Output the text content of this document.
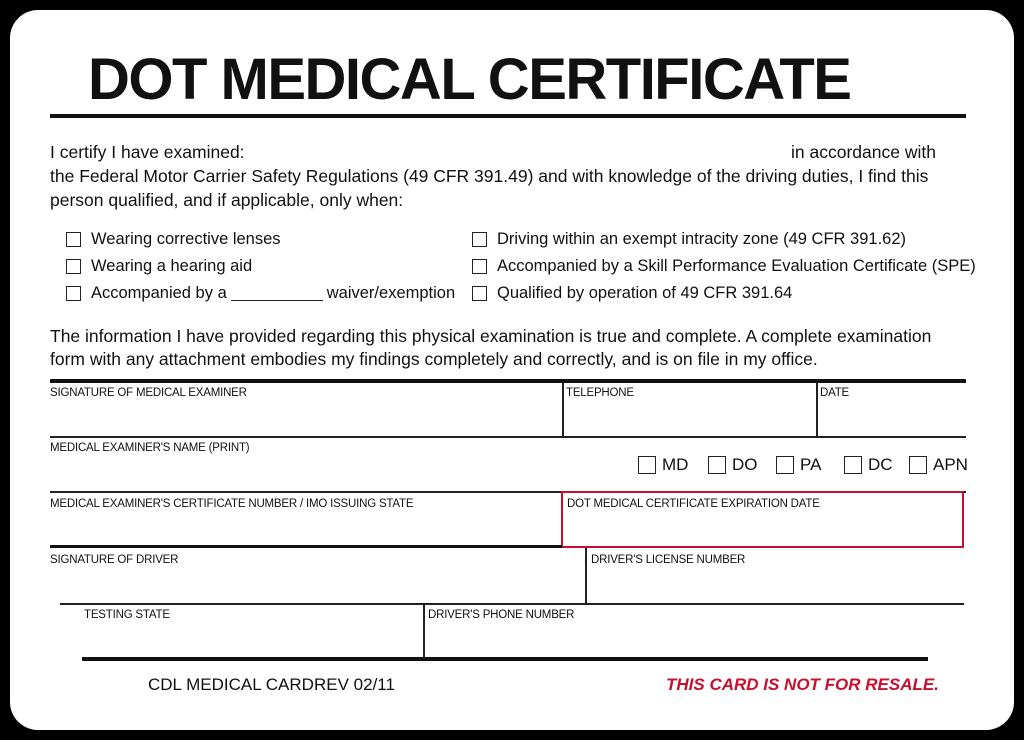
DOT MEDICAL CERTIFICATE
I certify I have examined:	in accordance with
the Federal Motor Carrier Safety Regulations (49 CFR 391.49) and with knowledge of the driving duties, I find this
person qualified, and if applicable, only when:
Wearing corrective lenses
Wearing a hearing aid
Accompanied by a	waiver/exemption
Driving within an exempt intracity zone (49 CFR 391.62)
Accompanied by a Skill Performance Evaluation Certificate (SPE)
Qualified by operation of 49 CFR 391.64
The information I have provided regarding this physical examination is true and complete. A complete examination
form with any attachment embodies my findings completely and correctly, and is on file in my office.
SIGNATURE OF MEDICAL EXAMINER	TELEPHONE	DATE
MEDICAL EXAMINER'S NAME (PRINT)
MD	DO	PA	DC APN
MEDICAL EXAMINER'S CERTIFICATE NUMBER / IMO ISSUING STATE	DOT MEDICAL CERTIFICATE EXPIRATION DATE
SIGNATURE OF DRIVER	DRIVER'S LICENSE NUMBER
TESTING STATE	DRIVER'S PHONE NUMBER
CDL MEDICAL CARD REV 02/11	THIS CARD IS NOT FOR RESALE.
